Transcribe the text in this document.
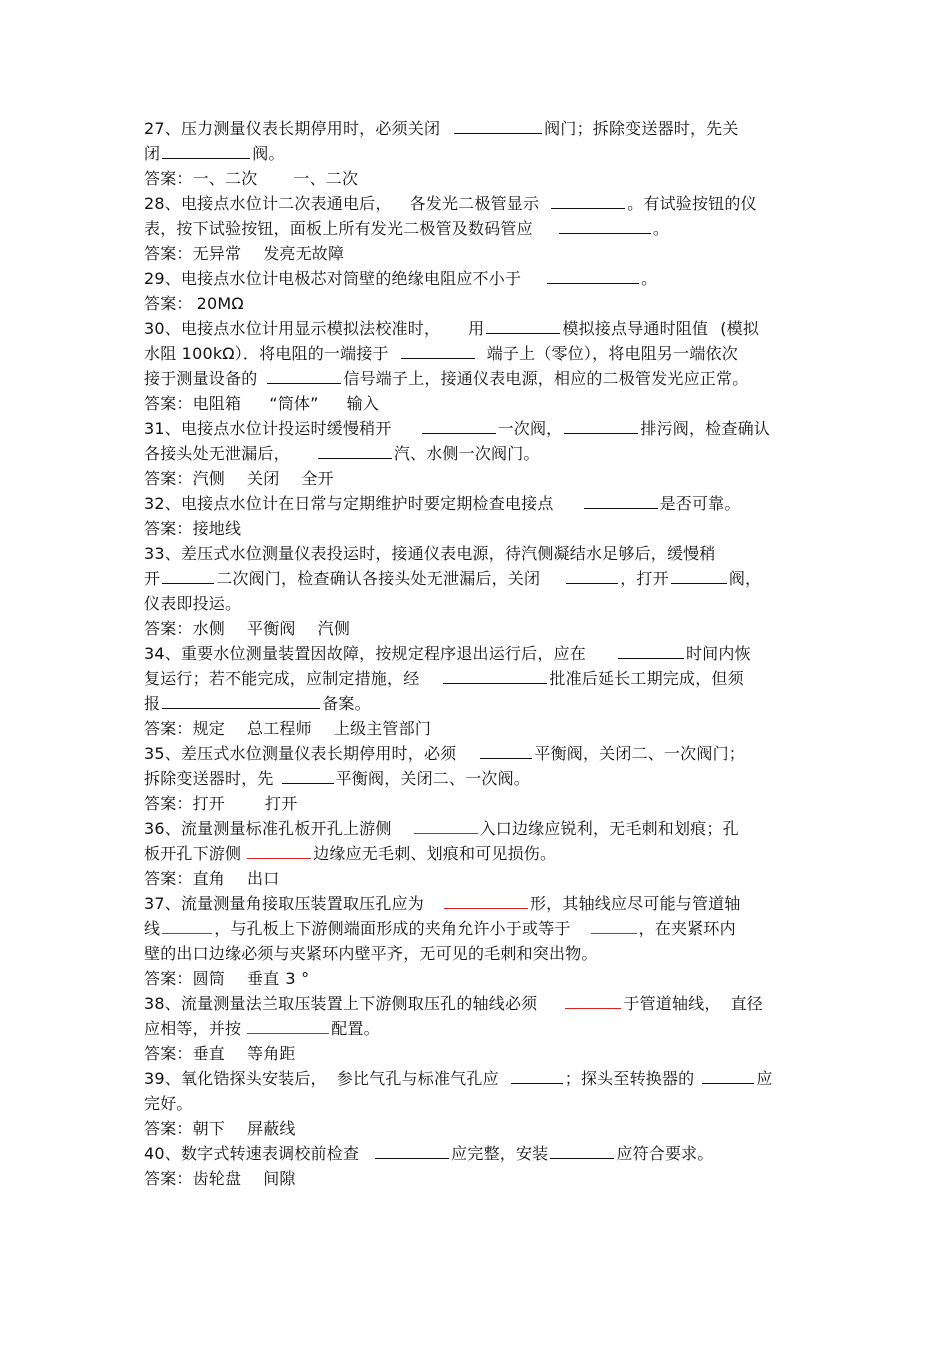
27、压力测量仪表长期停用时，必须关闭	阀门；拆除变送器时，先关
闭	阀。
答案：一、二次 一、二次
28、电接点水位计二次表通电后， 各发光二极管显示	。有试验按钮的仪
表，按下试验按钮，面板上所有发光二极管及数码管应	。
答案：无异常 发亮无故障
29、电接点水位计电极芯对筒壁的绝缘电阻应不小于	。
答案： 20MΩ
30、电接点水位计用显示模拟法校准时， 用	模拟接点导通时阻值 (模拟
水阻 100kΩ）．将电阻的一端接于	端子上（零位），将电阻另一端依次
接于测量设备的	信号端子上，接通仪表电源，相应的二极管发光应正常。
答案：电阻箱 “筒体” 输入
31、电接点水位计投运时缓慢稍开	一次阀，	排污阀，检查确认
各接头处无泄漏后，	汽、水侧一次阀门。
答案：汽侧 关闭 全开
32、电接点水位计在日常与定期维护时要定期检查电接点	是否可靠。
答案：接地线
33、差压式水位测量仪表投运时，接通仪表电源，待汽侧凝结水足够后，缓慢稍
开	二次阀门，检查确认各接头处无泄漏后，关闭	，打开	阀，
仪表即投运。
答案：水侧 平衡阀 汽侧
34、重要水位测量装置因故障，按规定程序退出运行后，应在	时间内恢
复运行；若不能完成，应制定措施，经	批准后延长工期完成，但须
报	备案。
答案：规定 总工程师 上级主管部门
35、差压式水位测量仪表长期停用时，必须	平衡阀，关闭二、一次阀门；
拆除变送器时，先	平衡阀，关闭二、一次阀。
答案：打开	打开
36、流量测量标准孔板开孔上游侧	入口边缘应锐利，无毛刺和划痕；孔
板开孔下游侧	边缘应无毛刺、划痕和可见损伤。
答案：直角 出口
37、流量测量角接取压装置取压孔应为	形，其轴线应尽可能与管道轴
线	，与孔板上下游侧端面形成的夹角允许小于或等于	，在夹紧环内
壁的出口边缘必须与夹紧环内壁平齐，无可见的毛刺和突出物。
答案：圆筒 垂直 3 °
38、流量测量法兰取压装置上下游侧取压孔的轴线必须	于管道轴线， 直径
应相等，并按	配置。
答案：垂直 等角距
39、氧化锆探头安装后， 参比气孔与标准气孔应	；探头至转换器的	应
完好。
答案：朝下 屏蔽线
40、数字式转速表调校前检查	应完整，安装	应符合要求。
答案：齿轮盘 间隙
